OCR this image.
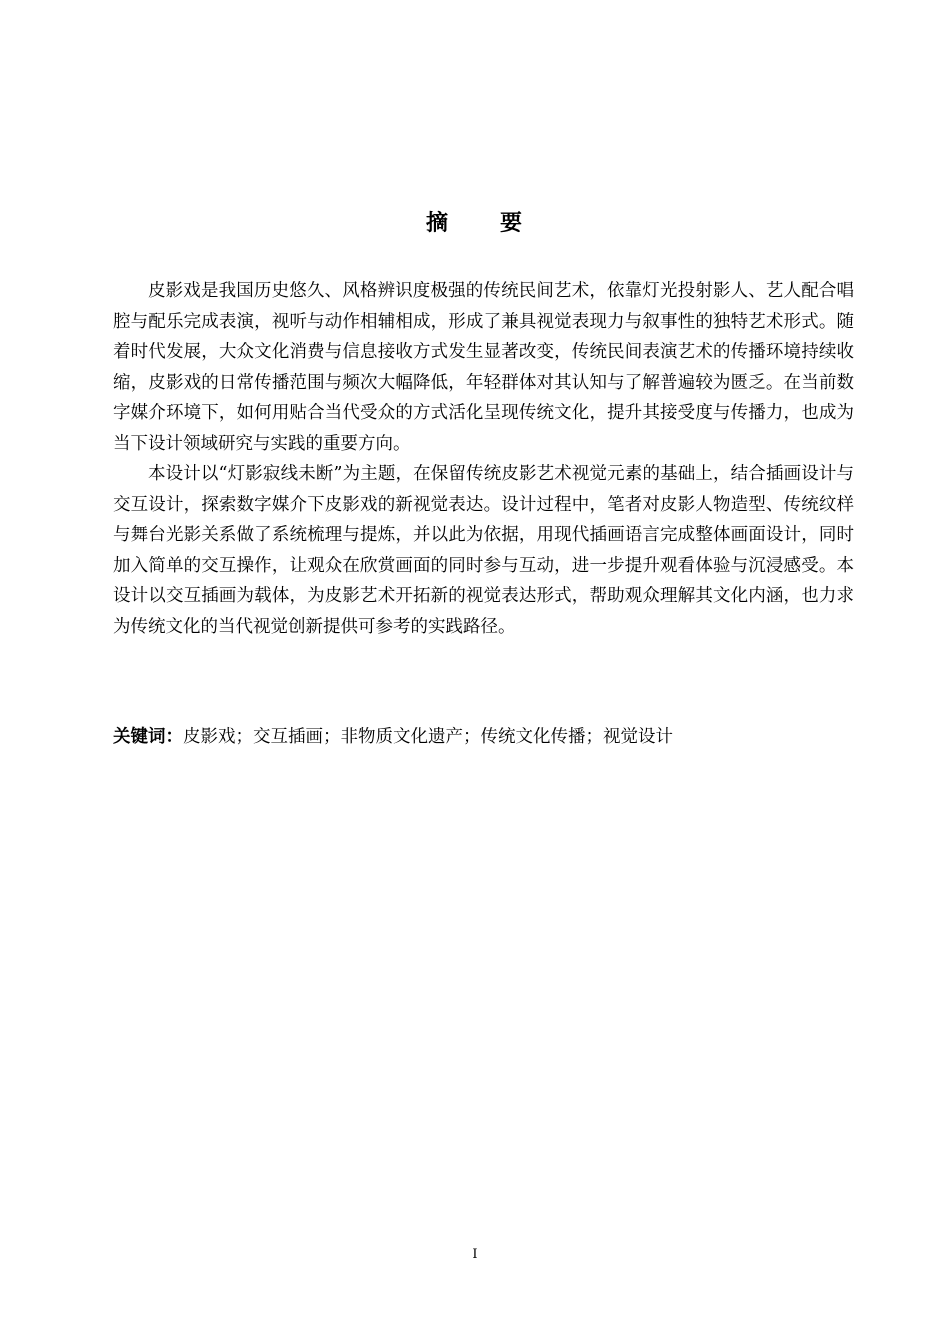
摘 要

皮影戏是我国历史悠久、风格辨识度极强的传统民间艺术，依靠灯光投射影人、艺人配合唱腔与配乐完成表演，视听与动作相辅相成，形成了兼具视觉表现力与叙事性的独特艺术形式。随着时代发展，大众文化消费与信息接收方式发生显著改变，传统民间表演艺术的传播环境持续收缩，皮影戏的日常传播范围与频次大幅降低，年轻群体对其认知与了解普遍较为匮乏。在当前数字媒介环境下，如何用贴合当代受众的方式活化呈现传统文化，提升其接受度与传播力，也成为当下设计领域研究与实践的重要方向。

本设计以“灯影寂线未断”为主题，在保留传统皮影艺术视觉元素的基础上，结合插画设计与交互设计，探索数字媒介下皮影戏的新视觉表达。设计过程中，笔者对皮影人物造型、传统纹样与舞台光影关系做了系统梳理与提炼，并以此为依据，用现代插画语言完成整体画面设计，同时加入简单的交互操作，让观众在欣赏画面的同时参与互动，进一步提升观看体验与沉浸感受。本设计以交互插画为载体，为皮影艺术开拓新的视觉表达形式，帮助观众理解其文化内涵，也力求为传统文化的当代视觉创新提供可参考的实践路径。

关键词：皮影戏；交互插画；非物质文化遗产；传统文化传播；视觉设计
I
